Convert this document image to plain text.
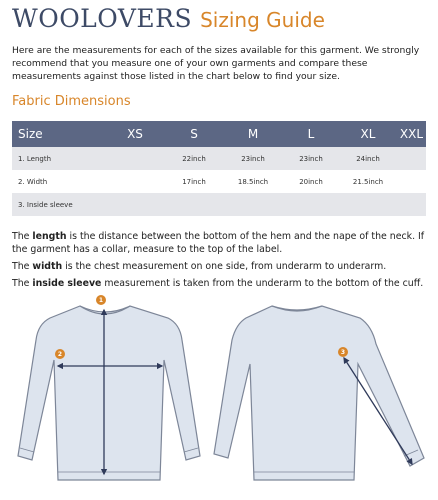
WOOLOVERS Sizing Guide
Here are the measurements for each of the sizes available for this garment. We strongly recommend that you measure one of your own garments and compare these measurements against those listed in the chart below to find your size.
Fabric Dimensions
Size	XS	S	M	L	XL	XXL
1. Length		22inch	23inch	23inch	24inch	
2. Width		17inch	18.5inch	20inch	21.5inch	
3. Inside sleeve						

The length is the distance between the bottom of the hem and the nape of the neck. If the garment has a collar, measure to the top of the label.

The width is the chest measurement on one side, from underarm to underarm.

The inside sleeve measurement is taken from the underarm to the bottom of the cuff.

1
2	3
